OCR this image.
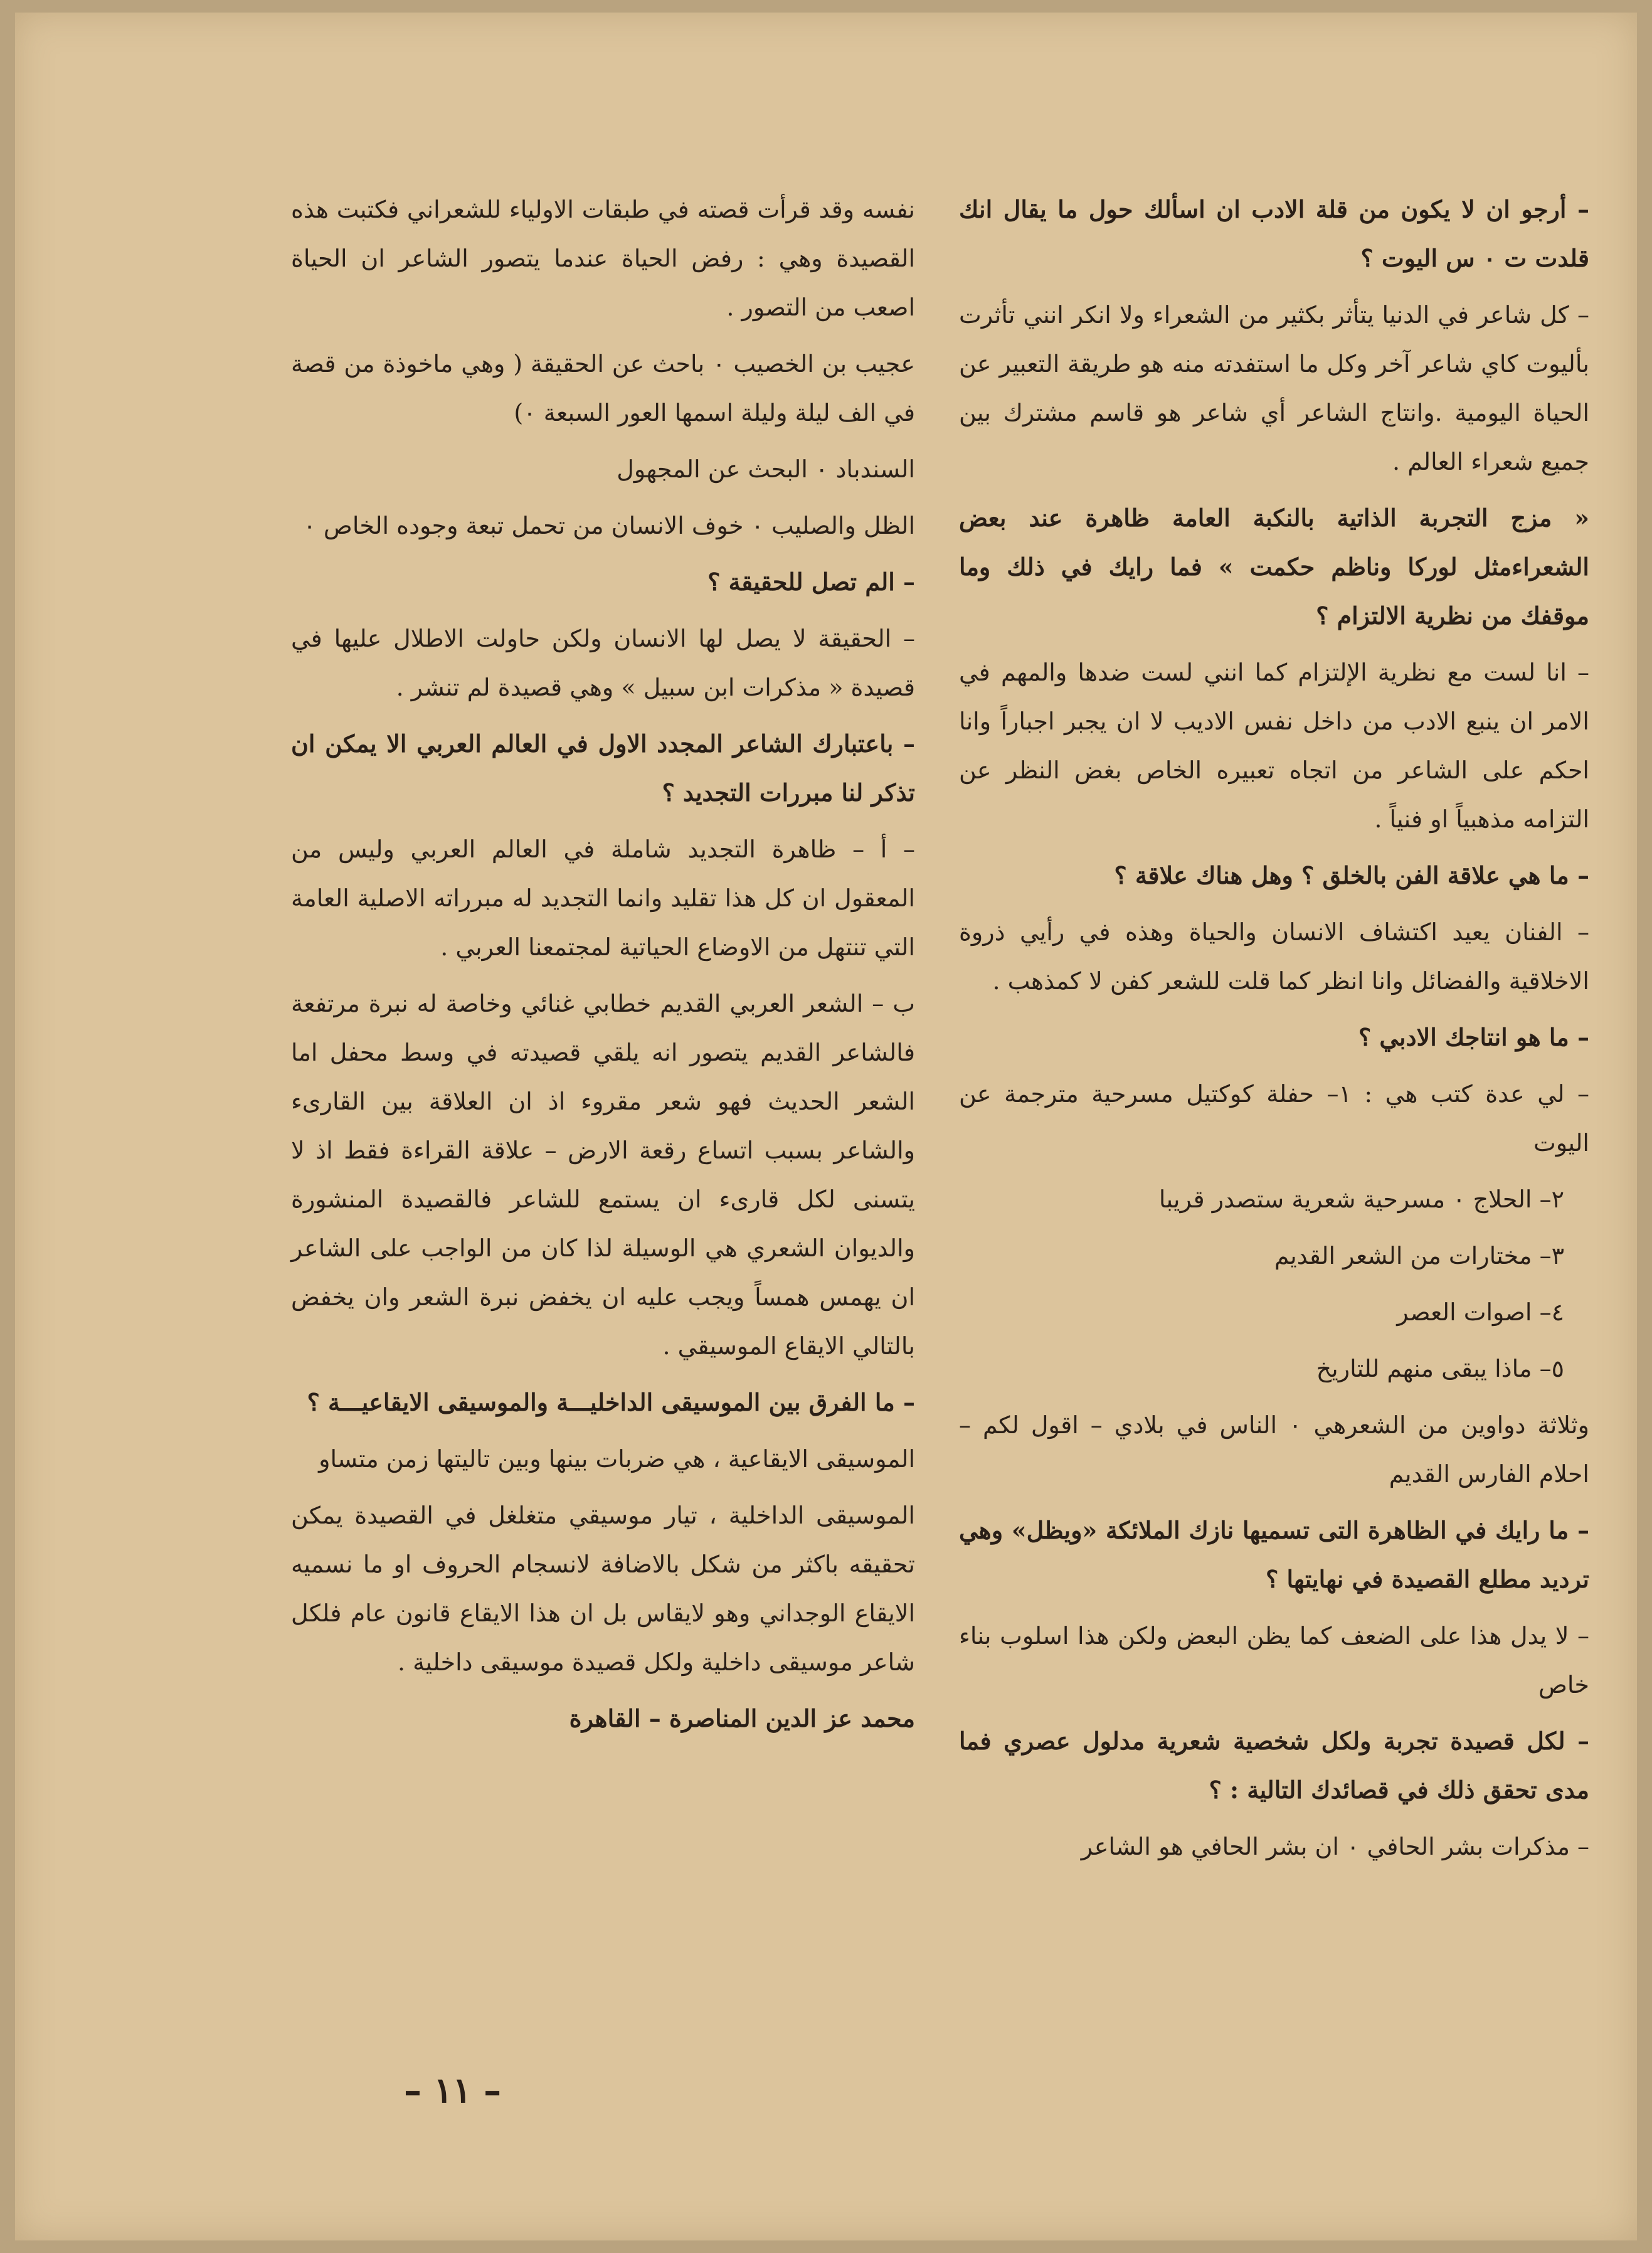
– أرجو ان لا يكون من قلة الادب ان اسألك حول ما يقال انك قلدت ت ٠ س اليوت ؟

– كل شاعر في الدنيا يتأثر بكثير من الشعراء ولا انكر انني تأثرت بأليوت كاي شاعر آخر وكل ما استفدته منه هو طريقة التعبير عن الحياة اليومية .وانتاج الشاعر أي شاعر هو قاسم مشترك بين جميع شعراء العالم .

« مزج التجربة الذاتية بالنكبة العامة ظاهرة عند بعض الشعراءمثل لوركا وناظم حكمت » فما رايك في ذلك وما موقفك من نظرية الالتزام ؟

– انا لست مع نظرية الإلتزام كما انني لست ضدها والمهم في الامر ان ينبع الادب من داخل نفس الاديب لا ان يجبر اجباراً وانا احكم على الشاعر من اتجاه تعبيره الخاص بغض النظر عن التزامه مذهبياً او فنياً .

– ما هي علاقة الفن بالخلق ؟ وهل هناك علاقة ؟

– الفنان يعيد اكتشاف الانسان والحياة وهذه في رأيي ذروة الاخلاقية والفضائل وانا انظر كما قلت للشعر كفن لا كمذهب .

– ما هو انتاجك الادبي ؟

– لي عدة كتب هي : ١– حفلة كوكتيل مسرحية مترجمة عن اليوت

٢– الحلاج ٠ مسرحية شعرية ستصدر قريبا

٣– مختارات من الشعر القديم

٤– اصوات العصر

٥– ماذا يبقى منهم للتاريخ

وثلاثة دواوين من الشعرهي ٠ الناس في بلادي – اقول لكم – احلام الفارس القديم

– ما رايك في الظاهرة التى تسميها نازك الملائكة «ويظل» وهي ترديد مطلع القصيدة في نهايتها ؟

– لا يدل هذا على الضعف كما يظن البعض ولكن هذا اسلوب بناء خاص

– لكل قصيدة تجربة ولكل شخصية شعرية مدلول عصري فما مدى تحقق ذلك في قصائدك التالية : ؟

– مذكرات بشر الحافي ٠ ان بشر الحافي هو الشاعر

نفسه وقد قرأت قصته في طبقات الاولياء للشعراني فكتبت هذه القصيدة وهي : رفض الحياة عندما يتصور الشاعر ان الحياة اصعب من التصور .

عجيب بن الخصيب ٠ باحث عن الحقيقة ( وهي ماخوذة من قصة في الف ليلة وليلة اسمها العور السبعة ٠)

السندباد ٠ البحث عن المجهول

الظل والصليب ٠ خوف الانسان من تحمل تبعة وجوده الخاص ٠

– الم تصل للحقيقة ؟

– الحقيقة لا يصل لها الانسان ولكن حاولت الاطلال عليها في قصيدة « مذكرات ابن سبيل » وهي قصيدة لم تنشر .

– باعتبارك الشاعر المجدد الاول في العالم العربي الا يمكن ان تذكر لنا مبررات التجديد ؟

– أ – ظاهرة التجديد شاملة في العالم العربي وليس من المعقول ان كل هذا تقليد وانما التجديد له مبرراته الاصلية العامة التي تنتهل من الاوضاع الحياتية لمجتمعنا العربي .

ب – الشعر العربي القديم خطابي غنائي وخاصة له نبرة مرتفعة فالشاعر القديم يتصور انه يلقي قصيدته في وسط محفل اما الشعر الحديث فهو شعر مقروء اذ ان العلاقة بين القارىء والشاعر بسبب اتساع رقعة الارض – علاقة القراءة فقط اذ لا يتسنى لكل قارىء ان يستمع للشاعر فالقصيدة المنشورة والديوان الشعري هي الوسيلة لذا كان من الواجب على الشاعر ان يهمس همساً ويجب عليه ان يخفض نبرة الشعر وان يخفض بالتالي الايقاع الموسيقي .

– ما الفرق بين الموسيقى الداخليـــة والموسيقى الايقاعيـــة ؟

الموسيقى الايقاعية ، هي ضربات بينها وبين تاليتها زمن متساو

الموسيقى الداخلية ، تيار موسيقي متغلغل في القصيدة يمكن تحقيقه باكثر من شكل بالاضافة لانسجام الحروف او ما نسميه الايقاع الوجداني وهو لايقاس بل ان هذا الايقاع قانون عام فلكل شاعر موسيقى داخلية ولكل قصيدة موسيقى داخلية .

محمد عز الدين المناصرة – القاهرة

– ١١ –
